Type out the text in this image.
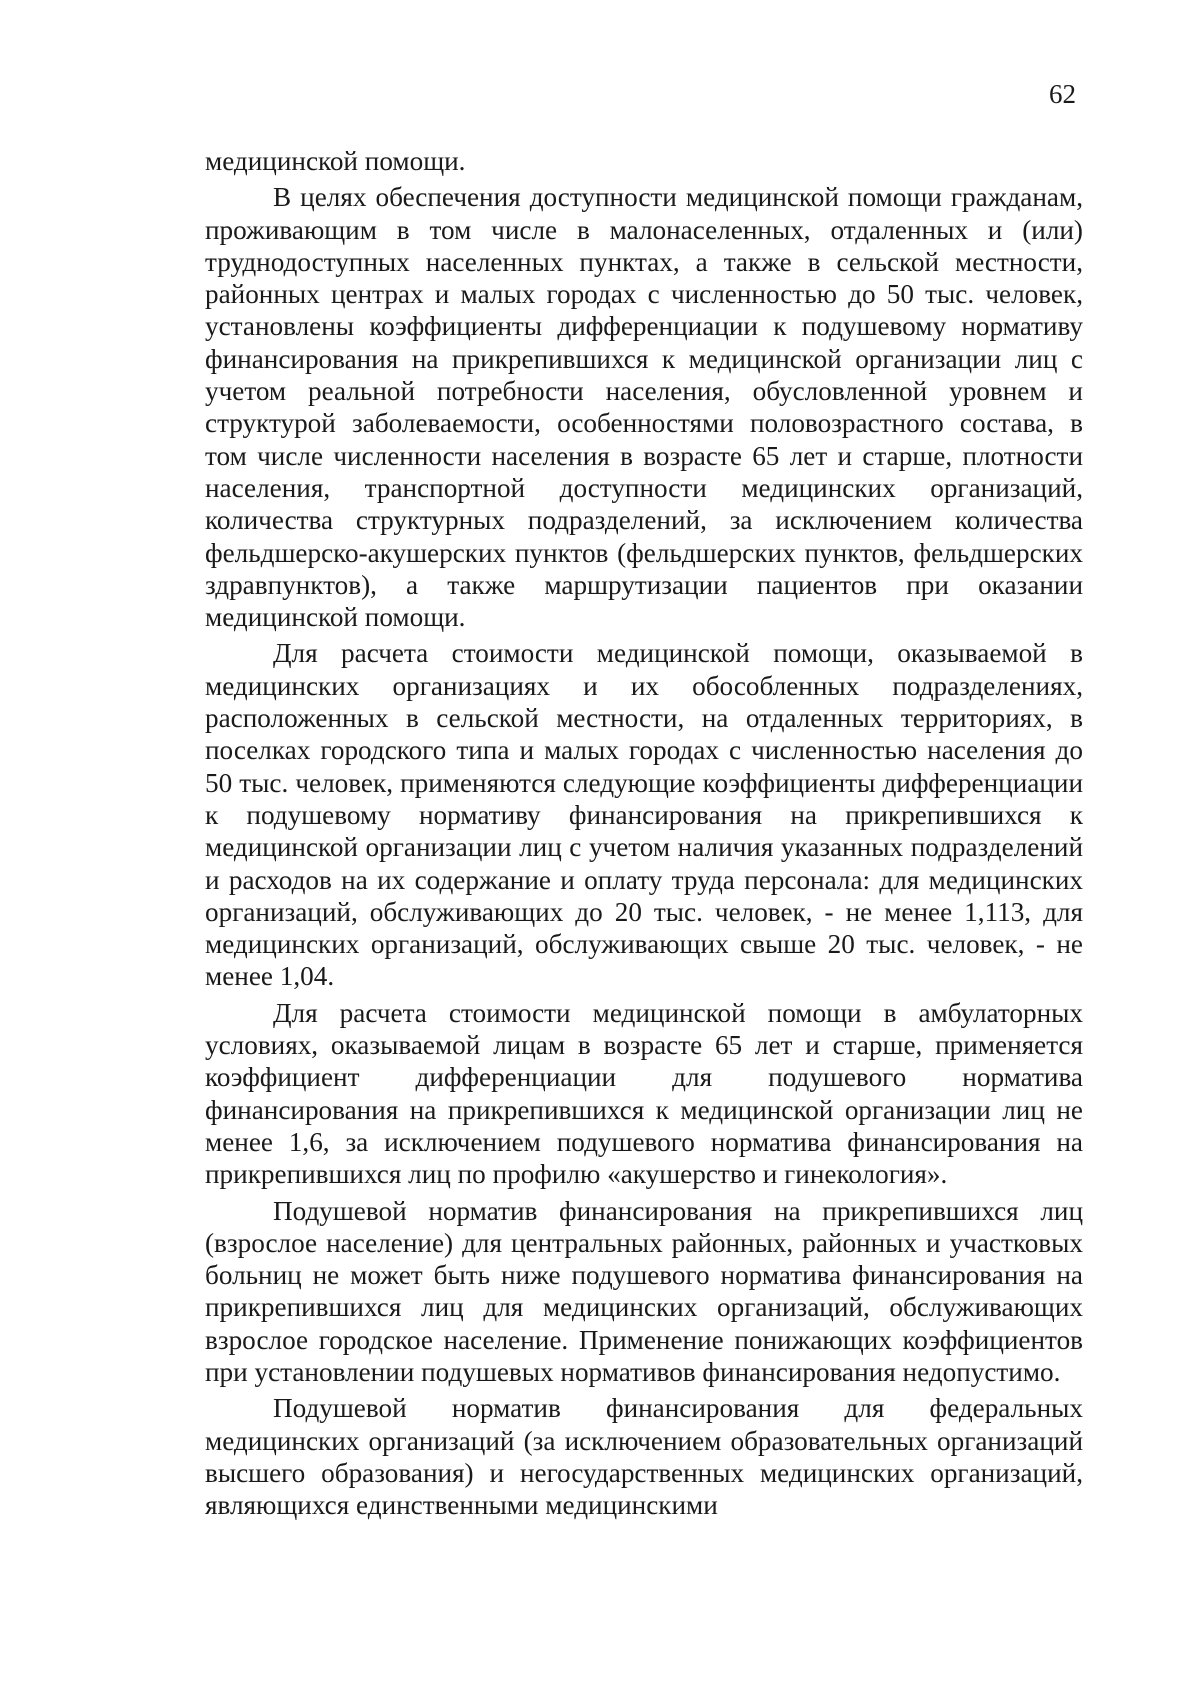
62

медицинской помощи.

В целях обеспечения доступности медицинской помощи гражданам, проживающим в том числе в малонаселенных, отдаленных и (или) труднодоступных населенных пунктах, а также в сельской местности, районных центрах и малых городах с численностью до 50 тыс. человек, установлены коэффициенты дифференциации к подушевому нормативу финансирования на прикрепившихся к медицинской организации лиц с учетом реальной потребности населения, обусловленной уровнем и структурой заболеваемости, особенностями половозрастного состава, в том числе численности населения в возрасте 65 лет и старше, плотности населения, транспортной доступности медицинских организаций, количества структурных подразделений, за исключением количества фельдшерско-акушерских пунктов (фельдшерских пунктов, фельдшерских здравпунктов), а также маршрутизации пациентов при оказании медицинской помощи.

Для расчета стоимости медицинской помощи, оказываемой в медицинских организациях и их обособленных подразделениях, расположенных в сельской местности, на отдаленных территориях, в поселках городского типа и малых городах с численностью населения до 50 тыс. человек, применяются следующие коэффициенты дифференциации к подушевому нормативу финансирования на прикрепившихся к медицинской организации лиц с учетом наличия указанных подразделений и расходов на их содержание и оплату труда персонала: для медицинских организаций, обслуживающих до 20 тыс. человек, - не менее 1,113, для медицинских организаций, обслуживающих свыше 20 тыс. человек, - не менее 1,04.

Для расчета стоимости медицинской помощи в амбулаторных условиях, оказываемой лицам в возрасте 65 лет и старше, применяется коэффициент дифференциации для подушевого норматива финансирования на прикрепившихся к медицинской организации лиц не менее 1,6, за исключением подушевого норматива финансирования на прикрепившихся лиц по профилю «акушерство и гинекология».

Подушевой норматив финансирования на прикрепившихся лиц (взрослое население) для центральных районных, районных и участковых больниц не может быть ниже подушевого норматива финансирования на прикрепившихся лиц для медицинских организаций, обслуживающих взрослое городское население. Применение понижающих коэффициентов при установлении подушевых нормативов финансирования недопустимо.

Подушевой норматив финансирования для федеральных медицинских организаций (за исключением образовательных организаций высшего образования) и негосударственных медицинских организаций, являющихся единственными медицинскими
